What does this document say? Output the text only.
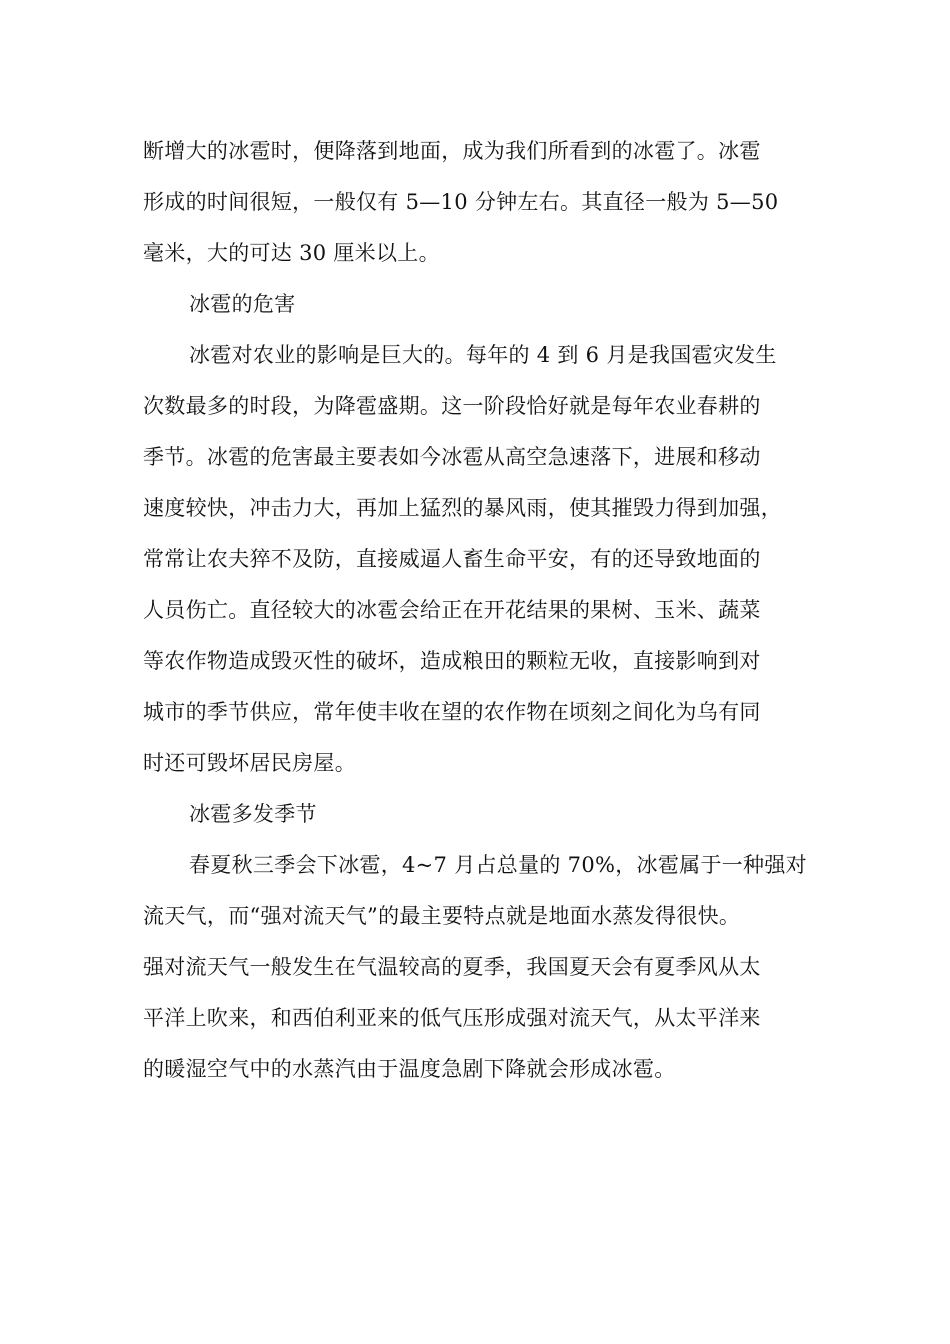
断增大的冰雹时，便降落到地面，成为我们所看到的冰雹了。冰雹
形成的时间很短，一般仅有 5—10 分钟左右。其直径一般为 5—50
毫米，大的可达 30 厘米以上。
冰雹的危害
冰雹对农业的影响是巨大的。每年的 4 到 6 月是我国雹灾发生
次数最多的时段，为降雹盛期。这一阶段恰好就是每年农业春耕的
季节。冰雹的危害最主要表如今冰雹从高空急速落下，进展和移动
速度较快，冲击力大，再加上猛烈的暴风雨，使其摧毁力得到加强，
常常让农夫猝不及防，直接威逼人畜生命平安，有的还导致地面的
人员伤亡。直径较大的冰雹会给正在开花结果的果树、玉米、蔬菜
等农作物造成毁灭性的破坏，造成粮田的颗粒无收，直接影响到对
城市的季节供应，常年使丰收在望的农作物在顷刻之间化为乌有同
时还可毁坏居民房屋。
冰雹多发季节
春夏秋三季会下冰雹，4~7 月占总量的 70%，冰雹属于一种强对
流天气，而“强对流天气”的最主要特点就是地面水蒸发得很快。
强对流天气一般发生在气温较高的夏季，我国夏天会有夏季风从太
平洋上吹来，和西伯利亚来的低气压形成强对流天气，从太平洋来
的暖湿空气中的水蒸汽由于温度急剧下降就会形成冰雹。
